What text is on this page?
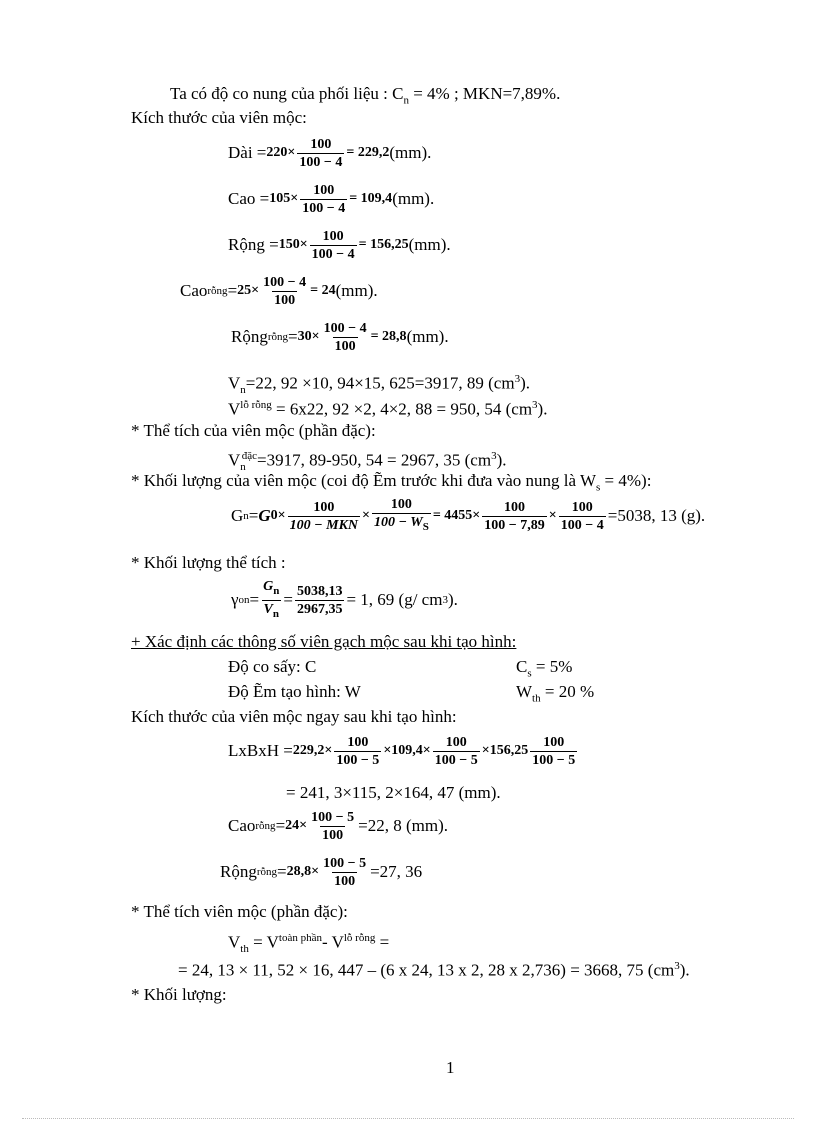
Ta có độ co nung của phối liệu : $C_n = 4\%$ ; MKN=7,89%.
Kích thước của viên mộc:
Dài = $220\times \frac{100}{100 - 4} = 229,2$ (mm).
Cao = $105\times \frac{100}{100 - 4} = 109,4$ (mm).
Rộng = $150\times \frac{100}{100 - 4} = 156,25$ (mm).
Cao rỗng = $25\times \frac{100 - 4}{100} = 24$ (mm).
Rộng rỗng = $30\times \frac{100 - 4}{100} = 28,8$ (mm).
$V_n=22$, 92 ×10, 94×15, 625=3917, 89 $(cm^3)$.
$V^{lỗ rỗng} = 6x22$, 92 ×2, 4×2, 88 = 950, 54 $(cm^3)$.
* Thể tích của viên mộc (phần đặc):
$V_n^{đặc}=3917$, 89-950, 54 = 2967, 35 $(cm^3)$.
* Khối lượng của viên mộc (coi độ Ẽm trước khi đưa vào nung là $W_s = 4\%$):
G n = G $0 \times \frac{100}{\text{100 − MKN}} \times \frac{100}{100 - W_S} = 4455\times \frac{100}{100 - 7,89} \times \frac{100}{100 - 4} =5038$, 13 (g).
* Khối lượng thể tích :
γ on = $\frac{G_n}{V_n} = \frac{5038,13}{2967,35} = 1$, 69 (g/ cm 3 ).
+ Xác định các thông số viên gạch mộc sau khi tạo hình:
Độ co sấy: C	$C_s = 5\%$
Độ Ẽm tạo hình: W	$W_{th} = 20$ %
Kích thước của viên mộc ngay sau khi tạo hình:
LxBxH = $229,2\times \frac{100}{100 - 5} \times 109,4\times \frac{100}{100 - 5} \times 156,25 \frac{100}{100 - 5}$
= 241, 3×115, 2×164, 47 (mm).
Cao rỗng = $24\times \frac{100 - 5}{100} =22$, 8 (mm).
Rộng rỗng = $28,8\times \frac{100 - 5}{100} =27$, 36
* Thể tích viên mộc (phần đặc):
$V_{th} = V^{toàn phần}-$ $V^{lỗ rỗng}$ =
= 24, 13 × 11, 52 × 16, 447 – (6 x 24, 13 x 2, 28 x 2,736) = 3668, 75 $(cm^3)$.
* Khối lượng:
1
